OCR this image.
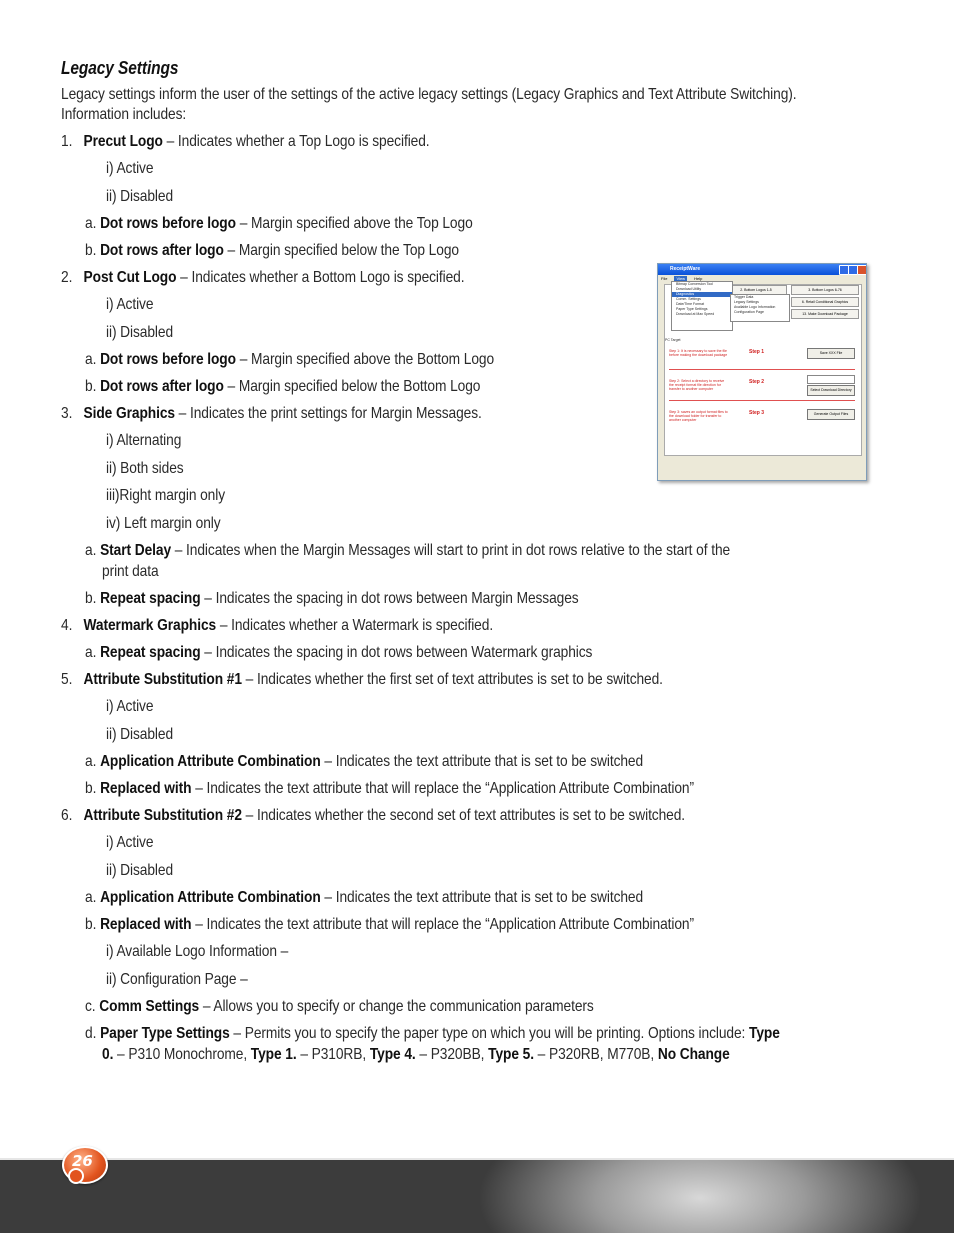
Legacy Settings
Legacy settings inform the user of the settings of the active legacy settings (Legacy Graphics and Text Attribute Switching).
Information includes:
1. Precut Logo – Indicates whether a Top Logo is specified.
i) Active
ii) Disabled
a. Dot rows before logo – Margin specified above the Top Logo
b. Dot rows after logo – Margin specified below the Top Logo
2. Post Cut Logo – Indicates whether a Bottom Logo is specified.
i) Active
ii) Disabled
a. Dot rows before logo – Margin specified above the Bottom Logo
b. Dot rows after logo – Margin specified below the Bottom Logo
3. Side Graphics – Indicates the print settings for Margin Messages.
i) Alternating
ii) Both sides
iii)Right margin only
iv) Left margin only
a. Start Delay – Indicates when the Margin Messages will start to print in dot rows relative to the start of the
print data
b. Repeat spacing – Indicates the spacing in dot rows between Margin Messages
4. Watermark Graphics – Indicates whether a Watermark is specified.
a. Repeat spacing – Indicates the spacing in dot rows between Watermark graphics
5. Attribute Substitution #1 – Indicates whether the first set of text attributes is set to be switched.
i) Active
ii) Disabled
a. Application Attribute Combination – Indicates the text attribute that is set to be switched
b. Replaced with – Indicates the text attribute that will replace the “Application Attribute Combination”
6. Attribute Substitution #2 – Indicates whether the second set of text attributes is set to be switched.
i) Active
ii) Disabled
a. Application Attribute Combination – Indicates the text attribute that is set to be switched
b. Replaced with – Indicates the text attribute that will replace the “Application Attribute Combination”
i) Available Logo Information –
ii) Configuration Page –
c. Comm Settings – Allows you to specify or change the communication parameters
d. Paper Type Settings – Permits you to specify the paper type on which you will be printing. Options include: Type
0. – P310 Monochrome, Type 1. – P310RB, Type 4. – P320BB, Type 5. – P320RB, M770B, No Change
ReceiptWare
File View Help
2. Bottom Logos 1-5	3. Bottom Logos 6-76
6. Retail Conditional Graphics
13. Make Download Package
PC Target
Step 1: It is necessary to save the file before making the download package	Step 1	Save XXX File
Step 2: Select a directory to receive the receipt format file direction for transfer to another computer
Step 2
Select Download Directory
Step 3: saves an output format files to the download folder for transfer to another computer
Step 3	Generate Output Files
Bitmap Conversion Tool
Download Utility
Diagnostics
Comm. Settings
Date/Time Format
Paper Type Settings
Download at Max Speed
Trigger Data
Legacy Settings
Available Logo Information
Configuration Page
26
